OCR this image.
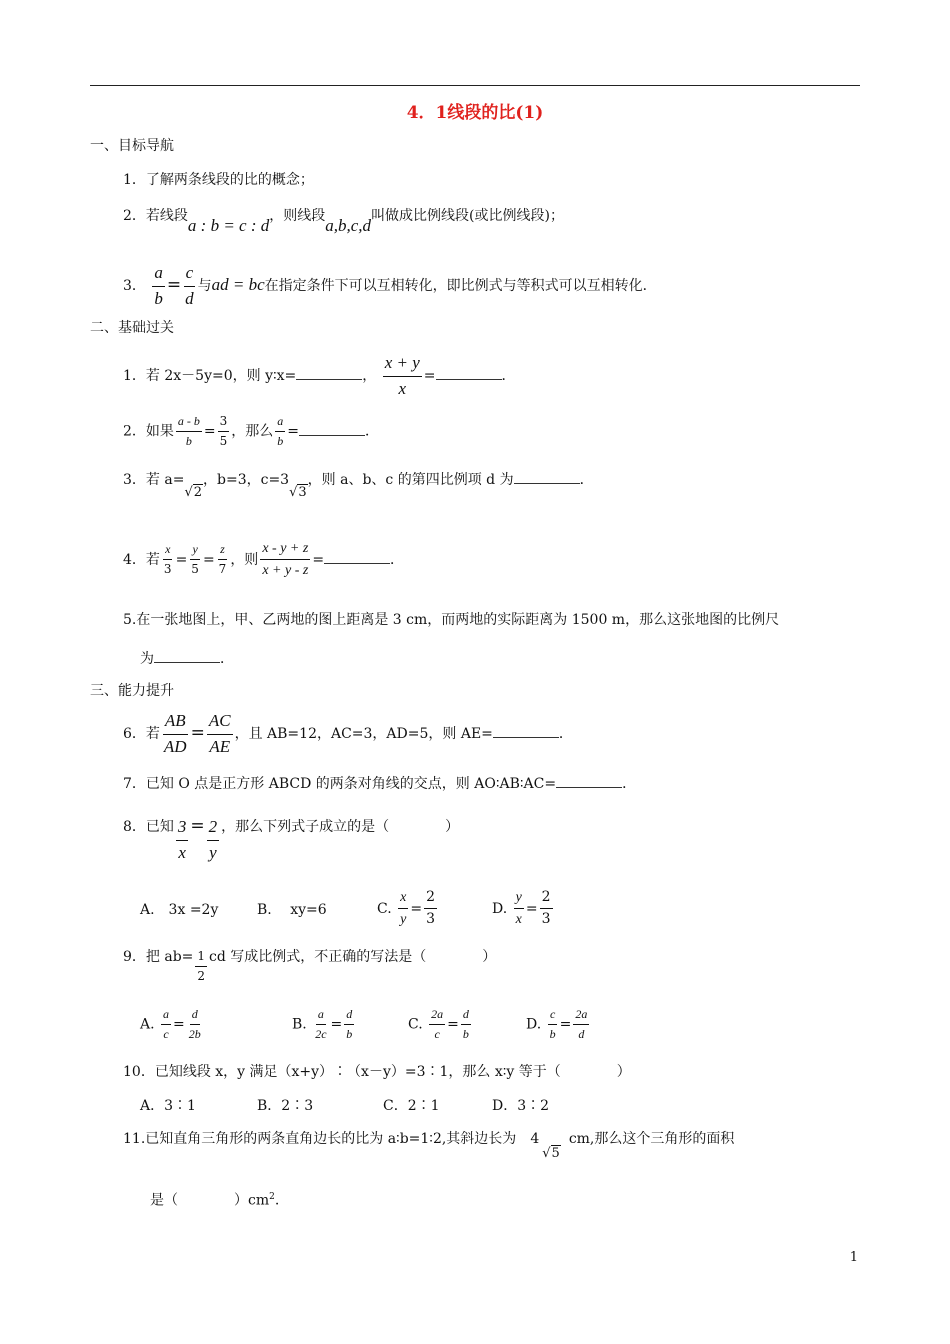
4．1线段的比(1)
一、目标导航
1．了解两条线段的比的概念；
2．若线段a : b = c : d，则线段a,b,c,d叫做成比例线段(或比例线段)；
3． $\frac{a}{b} = \frac{c}{d}$ 与ad = bc在指定条件下可以互相转化，即比例式与等积式可以互相转化．
二、基础过关
1．若 2x－5y=0，则 y∶x=	， $\frac{x + y}{x}$ =	．
2．如果 $\frac{a - b}{b} = \frac{3}{5}$ ，那么 $\frac{a}{b}$ =	．
3．若 a=√2，b=3，c=3√3，则 a、b、c 的第四比例项 d 为	．
4．若 $\frac{x}{3} = \frac{y}{5} = \frac{z}{7}$ ，则 $\frac{x - y + z}{x + y - z}$ =	．
5.在一张地图上，甲、乙两地的图上距离是 3 cm，而两地的实际距离为 1500 m，那么这张地图的比例尺
为	．
三、能力提升
6．若 $\frac{AB}{AD} = \frac{AC}{AE}$ ，且 AB=12，AC=3，AD=5，则 AE=	．
7．已知 O 点是正方形 ABCD 的两条对角线的交点，则 AO∶AB∶AC=	．
8．已知 $\frac{3}{x} = \frac{2}{y}$ ，那么下列式子成立的是（　　　　）
A.　3x =2y	B.　 xy=6	C. $\frac{x}{y} = \frac{2}{3}$	D. $\frac{y}{x} = \frac{2}{3}$
9．把 $ab= \frac{1}{2}$ cd 写成比例式，不正确的写法是（　　　　）
A. $\frac{a}{c} = \frac{d}{2b}$	B. $\frac{a}{2c} = \frac{d}{b}$	C. $\frac{2a}{c} = \frac{d}{b}$	D. $\frac{c}{b} = \frac{2a}{d}$
10．已知线段 x，y 满足（x+y）∶（x－y）=3∶1，那么 x∶y 等于（　　　　）
A．3∶1	B．2∶3	C．2∶1	D．3∶2
11.已知直角三角形的两条直角边长的比为 a∶b=1∶2,其斜边长为 4√5cm,那么这个三角形的面积
是（　　　　）$cm^2$.
1
